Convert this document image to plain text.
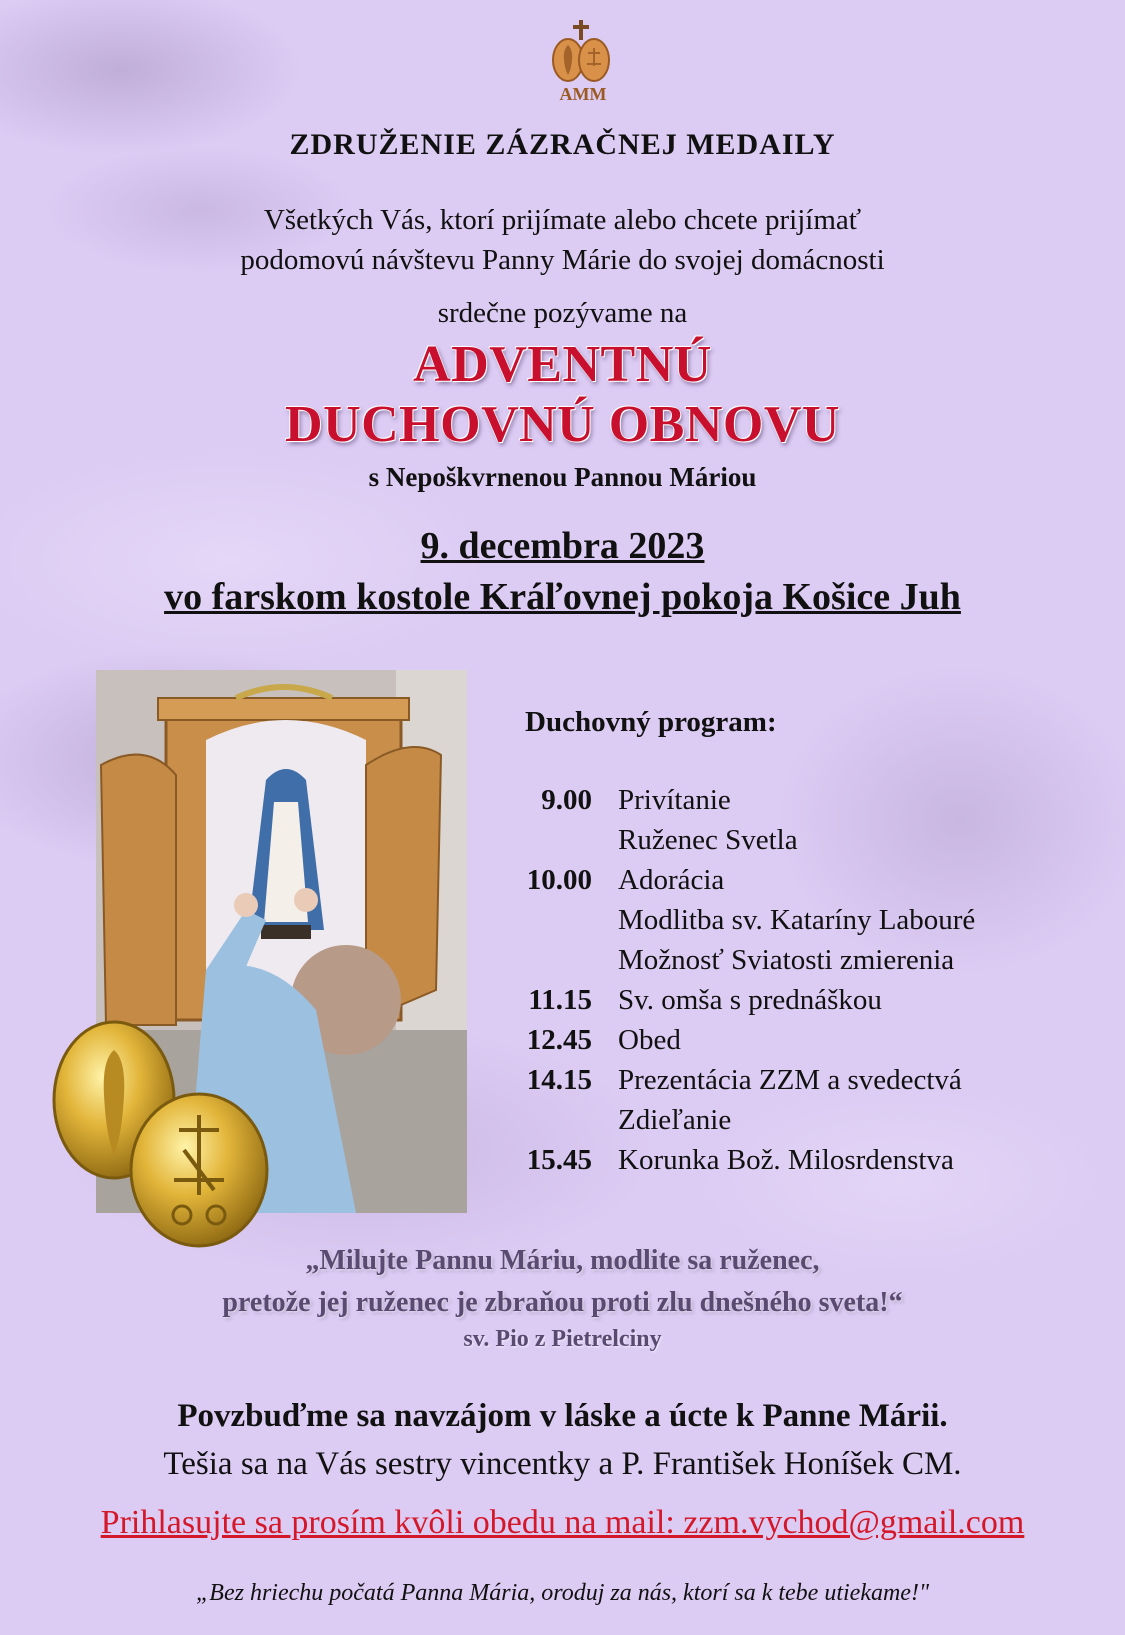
AMM
ZDRUŽENIE ZÁZRAČNEJ MEDAILY
Všetkých Vás, ktorí prijímate alebo chcete prijímať
podomovú návštevu Panny Márie do svojej domácnosti
srdečne pozývame na
ADVENTNÚ
DUCHOVNÚ OBNOVU
s Nepoškvrnenou Pannou Máriou
9. decembra 2023
vo farskom kostole Kráľovnej pokoja Košice Juh
Duchovný program:
9.00 Privítanie
Ruženec Svetla
10.00 Adorácia
Modlitba sv. Kataríny Labouré
Možnosť Sviatosti zmierenia
11.15 Sv. omša s prednáškou
12.45 Obed
14.15 Prezentácia ZZM a svedectvá
Zdieľanie
15.45 Korunka Bož. Milosrdenstva
„Milujte Pannu Máriu, modlite sa ruženec,
pretože jej ruženec je zbraňou proti zlu dnešného sveta!“
sv. Pio z Pietrelciny
Povzbuďme sa navzájom v láske a úcte k Panne Márii.
Tešia sa na Vás sestry vincentky a P. František Honíšek CM.
Prihlasujte sa prosím kvôli obedu na mail: zzm.vychod@gmail.com
„Bez hriechu počatá Panna Mária, oroduj za nás, ktorí sa k tebe utiekame!"
